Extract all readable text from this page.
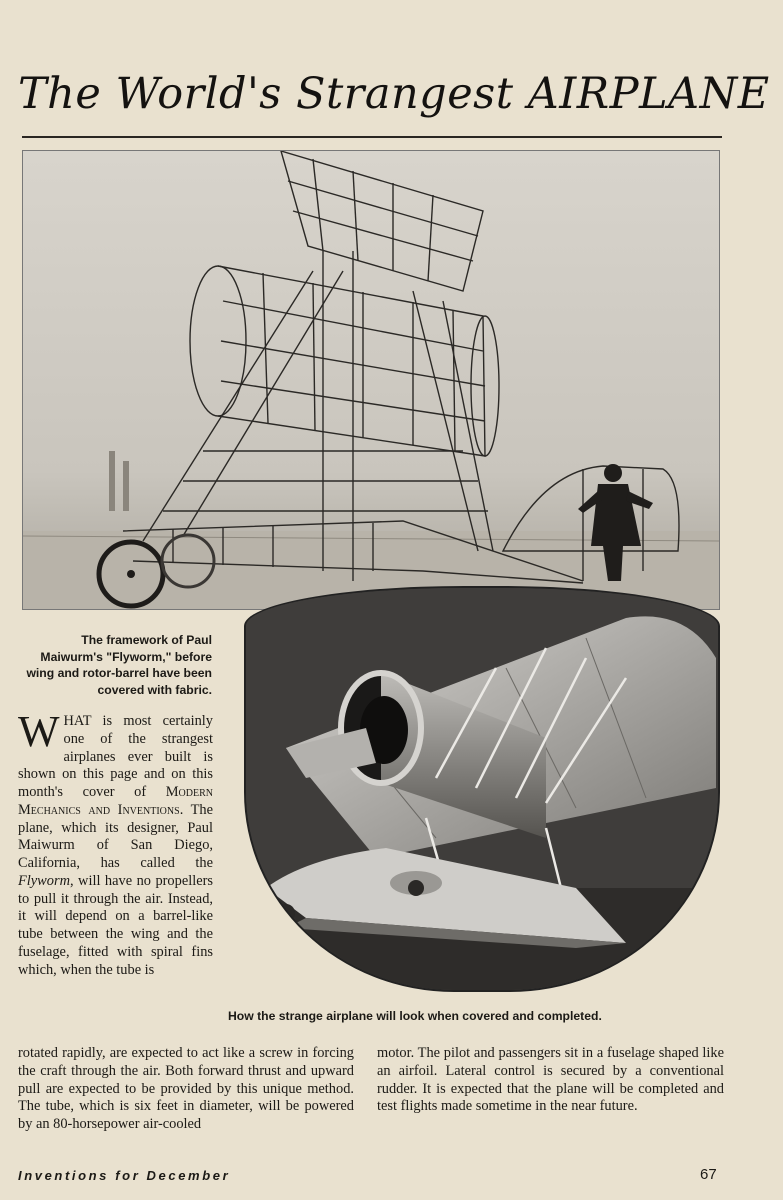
The World's Strangest AIRPLANE
The framework of Paul Maiwurm's "Flyworm," before wing and rotor-barrel have been covered with fabric.
WHAT is most certainly one of the strangest airplanes ever built is shown on this page and on this month's cover of Modern Mechanics and Inventions. The plane, which its designer, Paul Maiwurm of San Diego, California, has called the Flyworm, will have no propellers to pull it through the air. Instead, it will depend on a barrel-like tube between the wing and the fuselage, fitted with spiral fins which, when the tube is
How the strange airplane will look when covered and completed.

rotated rapidly, are expected to act like a screw in forcing the craft through the air. Both forward thrust and upward pull are expected to be provided by this unique method. The tube, which is six feet in diameter, will be powered by an 80-horsepower air-cooled

motor. The pilot and passengers sit in a fuselage shaped like an airfoil. Lateral control is secured by a conventional rudder. It is expected that the plane will be completed and test flights made sometime in the near future.

Inventions for December	67
